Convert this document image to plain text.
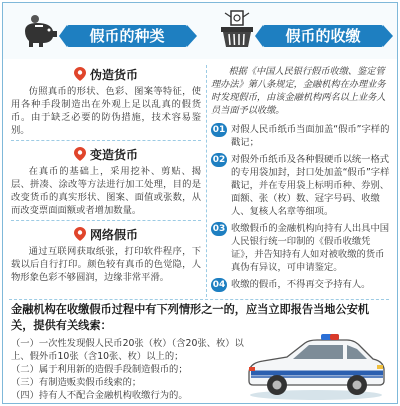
假币的种类	假币的收缴
伪造货币
仿照真币的形状、色彩、图案等特征，使用各种手段制造出在外观上足以乱真的假货币。由于缺乏必要的防伪措施，技术容易鉴别。
变造货币
在真币的基础上，采用挖补、剪贴、揭层、拼凑、涂改等方法进行加工处理，目的是改变货币的真实形状、图案、面值或张数，从而改变票面面额或者增加数量。
网络假币
通过互联网获取纸张，打印软件程序，下载以后自行打印。颜色较有真币的色觉隐，人物形象色彩不够圆润，边缘非常平滑。
根据《中国人民银行假币收缴、鉴定管理办法》第八条规定，金融机构在办理业务时发现假币，由该金融机构两名以上业务人员当面予以收缴。
01 对假人民币纸币当面加盖“假币”字样的戳记；
02 对假外币纸币及各种假硬币以统一格式的专用袋加封，封口处加盖“假币”字样戳记，并在专用袋上标明币种、券别、面额、张（枚）数、冠字号码、收缴人、复核人名章等细项。
03 收缴假币的金融机构向持有人出具中国人民银行统一印制的《假币收缴凭证》，并告知持有人如对被收缴的货币真伪有异议，可申请鉴定。
04 收缴的假币，不得再交予持有人。
金融机构在收缴假币过程中有下列情形之一的，应当立即报告当地公安机关，提供有关线索：
（一）一次性发现假人民币20张（枚）（含20张、枚）以上、假外币10张（含10张、枚）以上的；
（二）属于利用新的造假手段制造假币的；
（三）有制造贩卖假币线索的；
（四）持有人不配合金融机构收缴行为的。
